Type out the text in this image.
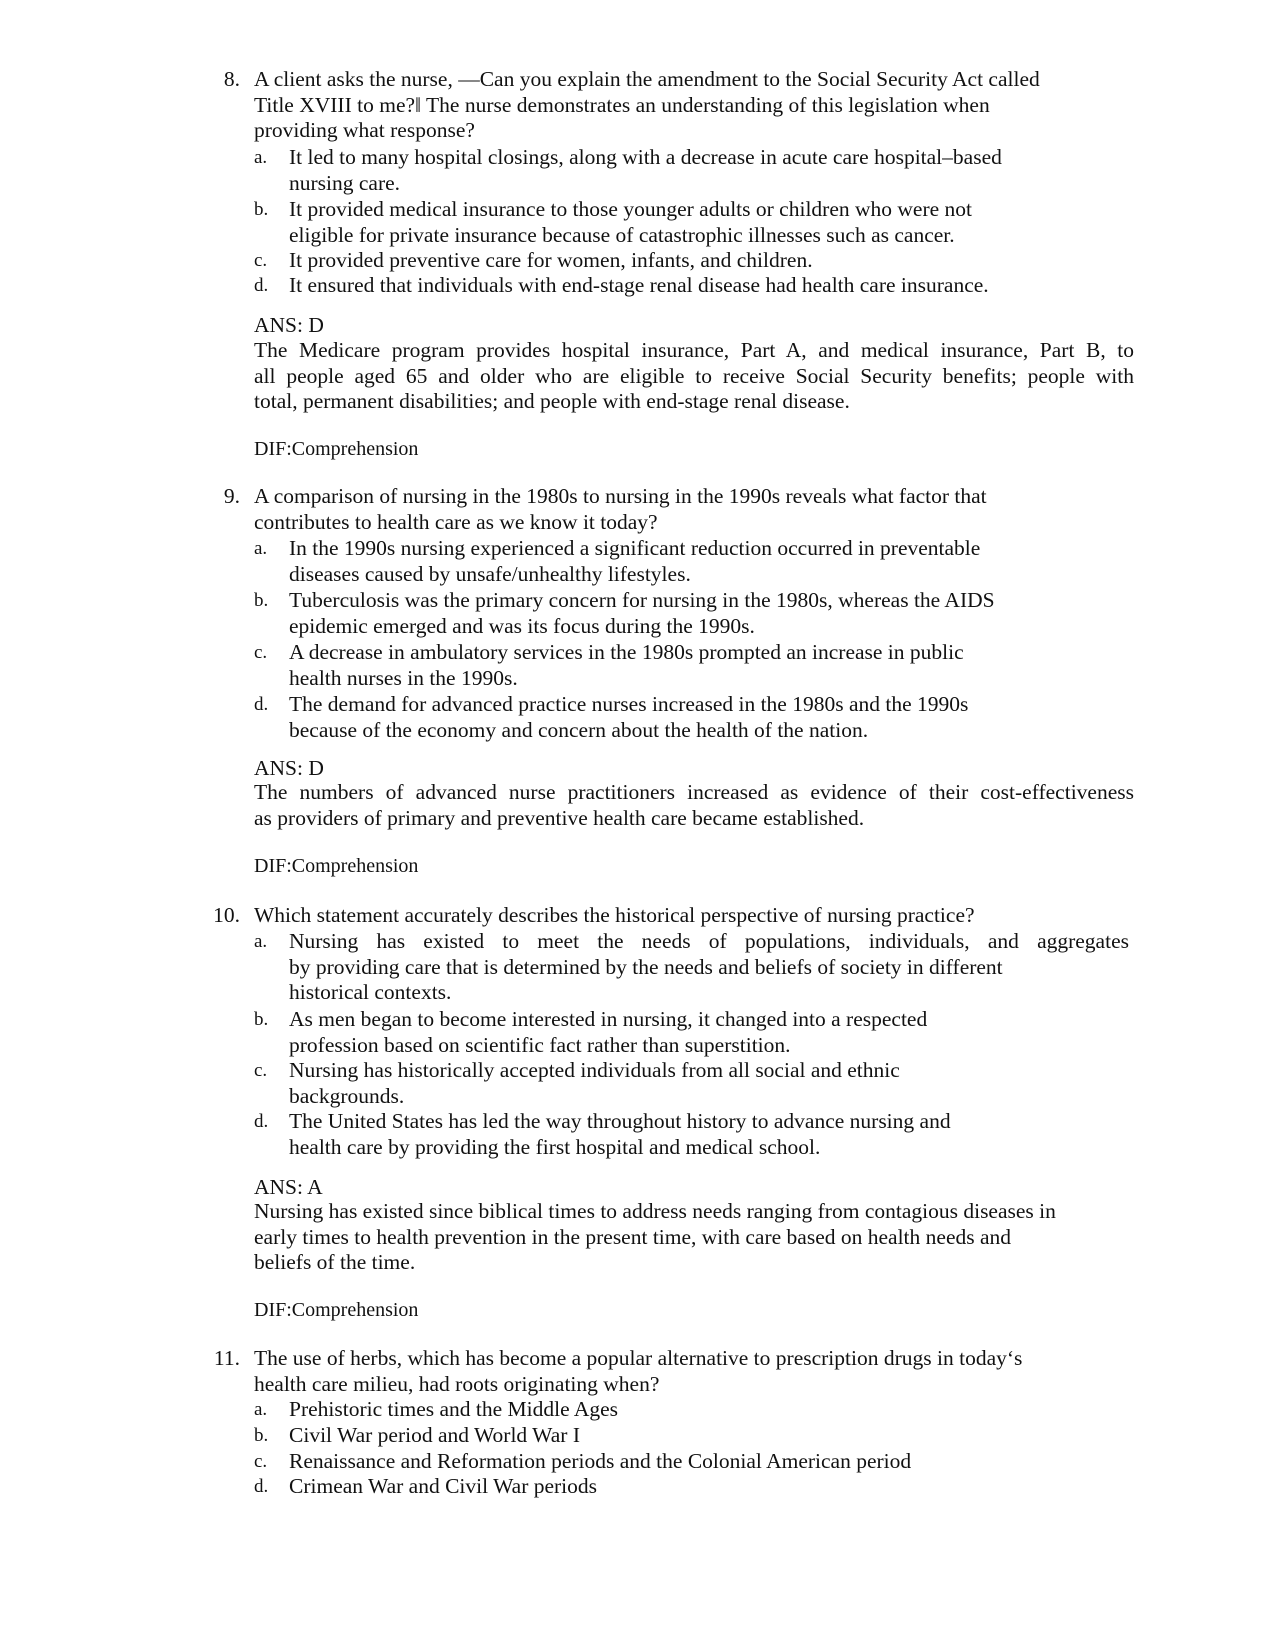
8. A client asks the nurse, —Can you explain the amendment to the Social Security Act called
Title XVIII to me?‖ The nurse demonstrates an understanding of this legislation when
providing what response?
a.	It led to many hospital closings, along with a decrease in acute care hospital–based
nursing care.
b. It provided medical insurance to those younger adults or children who were not
eligible for private insurance because of catastrophic illnesses such as cancer.
c.	It provided preventive care for women, infants, and children.
d. It ensured that individuals with end-stage renal disease had health care insurance.
ANS: D
The Medicare program provides hospital insurance, Part A, and medical insurance, Part B, to
all people aged 65 and older who are eligible to receive Social Security benefits; people with
total, permanent disabilities; and people with end-stage renal disease.
DIF:Comprehension
9. A comparison of nursing in the 1980s to nursing in the 1990s reveals what factor that
contributes to health care as we know it today?
a.	In the 1990s nursing experienced a significant reduction occurred in preventable
diseases caused by unsafe/unhealthy lifestyles.
b. Tuberculosis was the primary concern for nursing in the 1980s, whereas the AIDS
epidemic emerged and was its focus during the 1990s.
c.	A decrease in ambulatory services in the 1980s prompted an increase in public
health nurses in the 1990s.
d. The demand for advanced practice nurses increased in the 1980s and the 1990s
because of the economy and concern about the health of the nation.
ANS: D
The numbers of advanced nurse practitioners increased as evidence of their cost-effectiveness
as providers of primary and preventive health care became established.
DIF:Comprehension
10. Which statement accurately describes the historical perspective of nursing practice?
a.	Nursing has existed to meet the needs of populations, individuals, and aggregates
by providing care that is determined by the needs and beliefs of society in different
historical contexts.
b. As men began to become interested in nursing, it changed into a respected
profession based on scientific fact rather than superstition.
c.	Nursing has historically accepted individuals from all social and ethnic
backgrounds.
d. The United States has led the way throughout history to advance nursing and
health care by providing the first hospital and medical school.
ANS: A
Nursing has existed since biblical times to address needs ranging from contagious diseases in
early times to health prevention in the present time, with care based on health needs and
beliefs of the time.
DIF:Comprehension
11. The use of herbs, which has become a popular alternative to prescription drugs in today‘s
health care milieu, had roots originating when?
a.	Prehistoric times and the Middle Ages
b. Civil War period and World War I
c.	Renaissance and Reformation periods and the Colonial American period
d. Crimean War and Civil War periods
